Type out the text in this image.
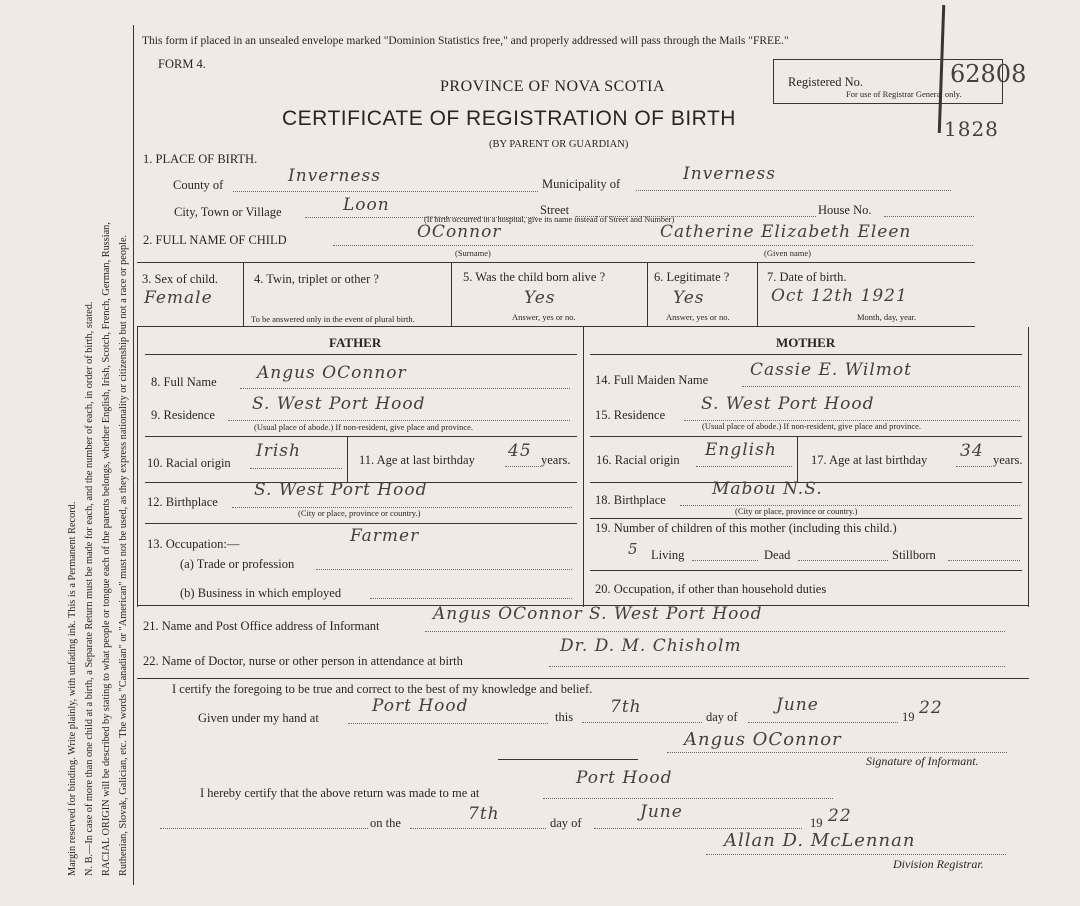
Margin reserved for binding. Write plainly, with unfading ink. This is a Permanent Record. N. B.—In case of more than one child at a birth, a Separate Return must be made for each, and the number of each, in order of birth, stated. RACIAL ORIGIN will be described by stating to what people or tongue each of the parents belongs, whether English, Irish, Scotch, French, German, Russian, Ruthenian, Slovak, Galician, etc. The words "Canadian" or "American" must not be used, as they express nationality or citizenship but not a race or people.
This form if placed in an unsealed envelope marked "Dominion Statistics free," and properly addressed will pass through the Mails "FREE."
FORM 4.
PROVINCE OF NOVA SCOTIA
CERTIFICATE OF REGISTRATION OF BIRTH
(BY PARENT OR GUARDIAN)
Registered No.	62808
For use of Registrar General only.
1828
1. PLACE OF BIRTH.
County of	Inverness	Municipality of	Inverness
City, Town or Village	Loon	Street	House No.
(If birth occurred in a hospital, give its name instead of Street and Number)
2. FULL NAME OF CHILD	OConnor	Catherine Elizabeth Eleen
(Surname)	(Given name)
3. Sex of child.
Female
4. Twin, triplet or other ?
To be answered only in the event of plural birth.
5. Was the child born alive ?
Yes
Answer, yes or no.
6. Legitimate ?
Yes
Answer, yes or no.
7. Date of birth.
Oct 12th 1921
Month, day, year.
FATHER	MOTHER
8. Full Name Angus OConnor
9. Residence
S. West Port Hood
(Usual place of abode.) If non-resident, give place and province.
10. Racial origin
Irish	11. Age at last birthday 45 years.
12. Birthplace
S. West Port Hood
(City or place, province or country.)
13. Occupation:—	Farmer
(a) Trade or profession
(b) Business in which employed
14. Full Maiden Name Cassie E. Wilmot
15. Residence
S. West Port Hood
(Usual place of abode.) If non-resident, give place and province.
16. Racial origin English	17. Age at last birthday 34 years.
18. Birthplace
Mabou N.S.
(City or place, province or country.)
19. Number of children of this mother (including this child.)
5 Living	Dead	Stillborn
20. Occupation, if other than household duties
21. Name and Post Office address of Informant
Angus OConnor S. West Port Hood
22. Name of Doctor, nurse or other person in attendance at birth
Dr. D. M. Chisholm
I certify the foregoing to be true and correct to the best of my knowledge and belief.
Given under my hand at
Port Hood
this 7th	day of
June
19 22
Angus OConnor
Signature of Informant.
I hereby certify that the above return was made to me at
Port Hood
on the	7th	day of
June
19 22
Allan D. McLennan
Division Registrar.
